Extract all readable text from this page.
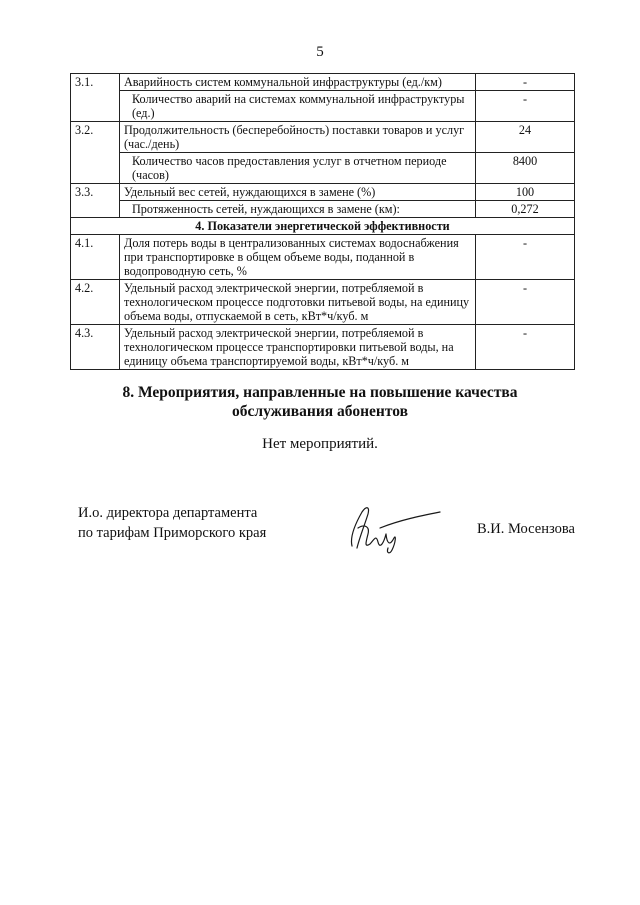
5
3.1.	Аварийность систем коммунальной инфраструктуры (ед./км)	-
	Количество аварий на системах коммунальной инфраструктуры (ед.)	-
3.2.	Продолжительность (бесперебойность) поставки товаров и услуг (час./день)	24
	Количество часов предоставления услуг в отчетном периоде (часов)	8400
3.3.	Удельный вес сетей, нуждающихся в замене (%)	100
	Протяженность сетей, нуждающихся в замене (км):	0,272
4. Показатели энергетической эффективности		
4.1.	Доля потерь воды в централизованных системах водоснабжения при транспортировке в общем объеме воды, поданной в водопроводную сеть, %	-
4.2.	Удельный расход электрической энергии, потребляемой в технологическом процессе подготовки питьевой воды, на единицу объема воды, отпускаемой в сеть, кВт*ч/куб. м	-
4.3.	Удельный расход электрической энергии, потребляемой в технологическом процессе транспортировки питьевой воды, на единицу объема транспортируемой воды, кВт*ч/куб. м	-
8. Мероприятия, направленные на повышение качества
обслуживания абонентов
Нет мероприятий.
И.о. директора департамента
по тарифам Приморского края	В.И. Мосензова
